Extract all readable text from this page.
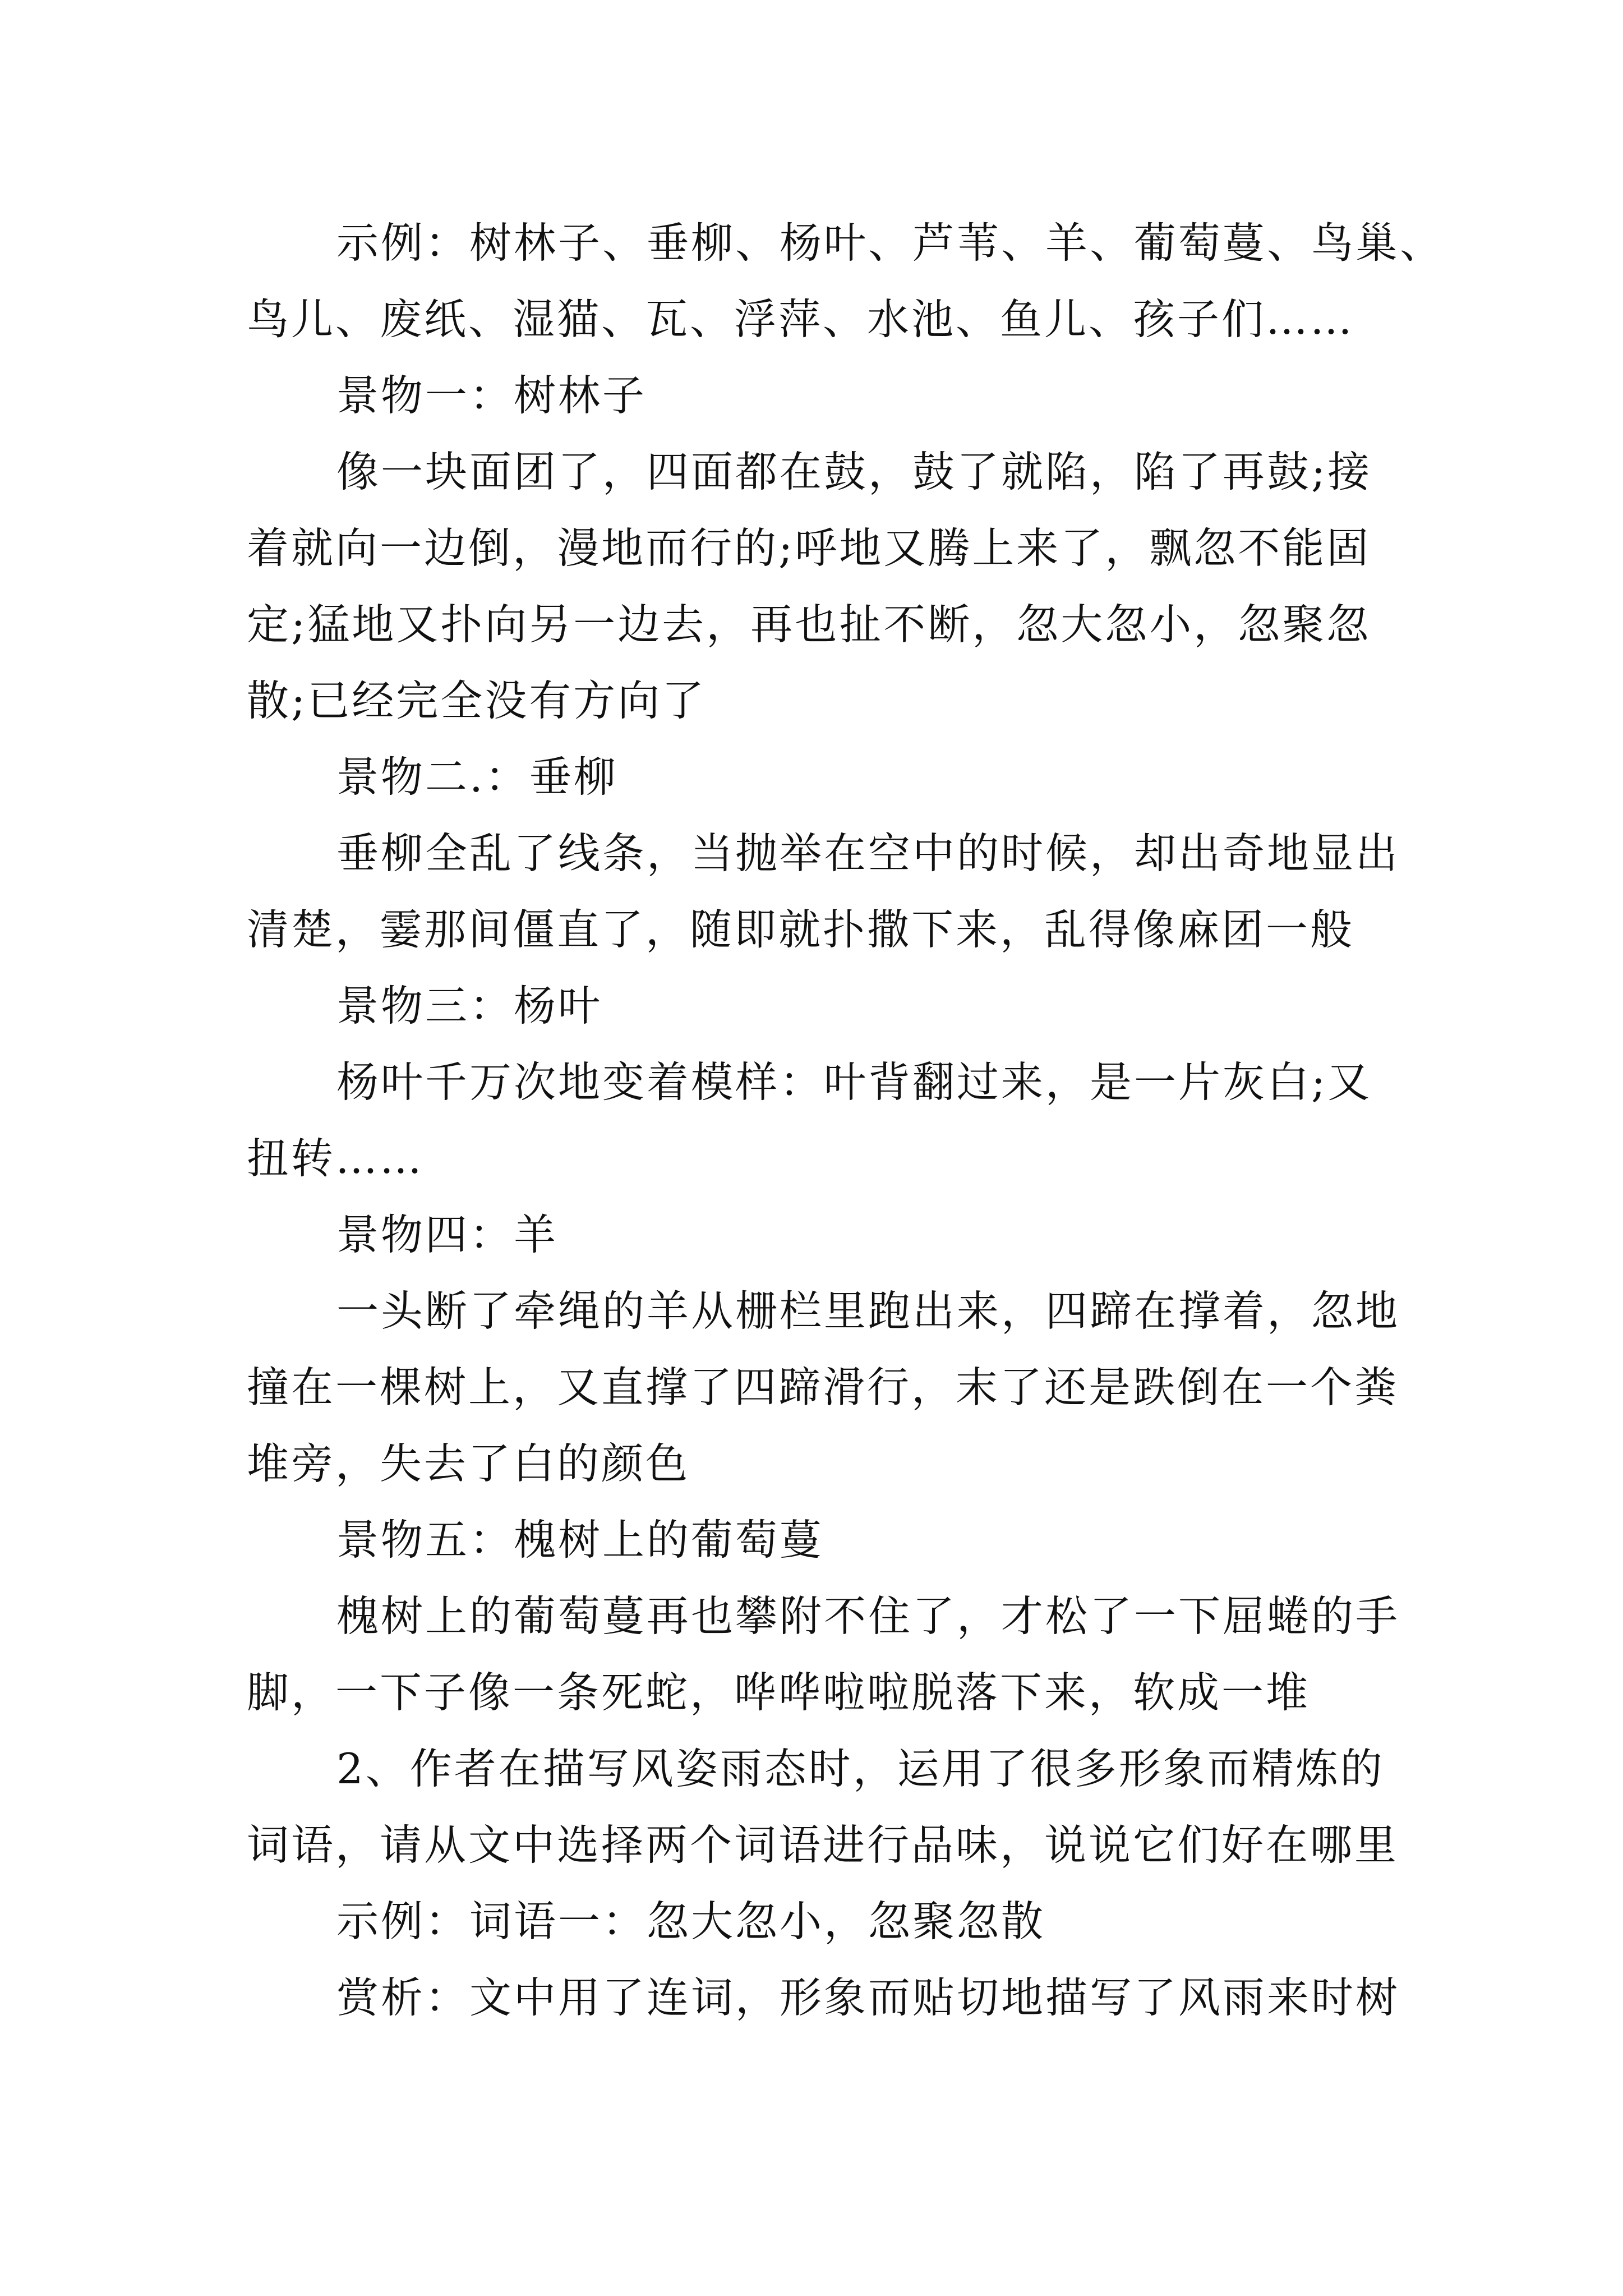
示例：树林子、垂柳、杨叶、芦苇、羊、葡萄蔓、鸟巢、
鸟儿、废纸、湿猫、瓦、浮萍、水池、鱼儿、孩子们……
景物一：树林子
像一块面团了，四面都在鼓，鼓了就陷，陷了再鼓;接
着就向一边倒，漫地而行的;呼地又腾上来了，飘忽不能固
定;猛地又扑向另一边去，再也扯不断，忽大忽小，忽聚忽
散;已经完全没有方向了
景物二.：垂柳
垂柳全乱了线条，当抛举在空中的时候，却出奇地显出
清楚，霎那间僵直了，随即就扑撒下来，乱得像麻团一般
景物三：杨叶
杨叶千万次地变着模样：叶背翻过来，是一片灰白;又
扭转……
景物四：羊
一头断了牵绳的羊从栅栏里跑出来，四蹄在撑着，忽地
撞在一棵树上，又直撑了四蹄滑行，末了还是跌倒在一个粪
堆旁，失去了白的颜色
景物五：槐树上的葡萄蔓
槐树上的葡萄蔓再也攀附不住了，才松了一下屈蜷的手
脚，一下子像一条死蛇，哗哗啦啦脱落下来，软成一堆
2、作者在描写风姿雨态时，运用了很多形象而精炼的
词语，请从文中选择两个词语进行品味，说说它们好在哪里
示例：词语一：忽大忽小，忽聚忽散
赏析：文中用了连词，形象而贴切地描写了风雨来时树
